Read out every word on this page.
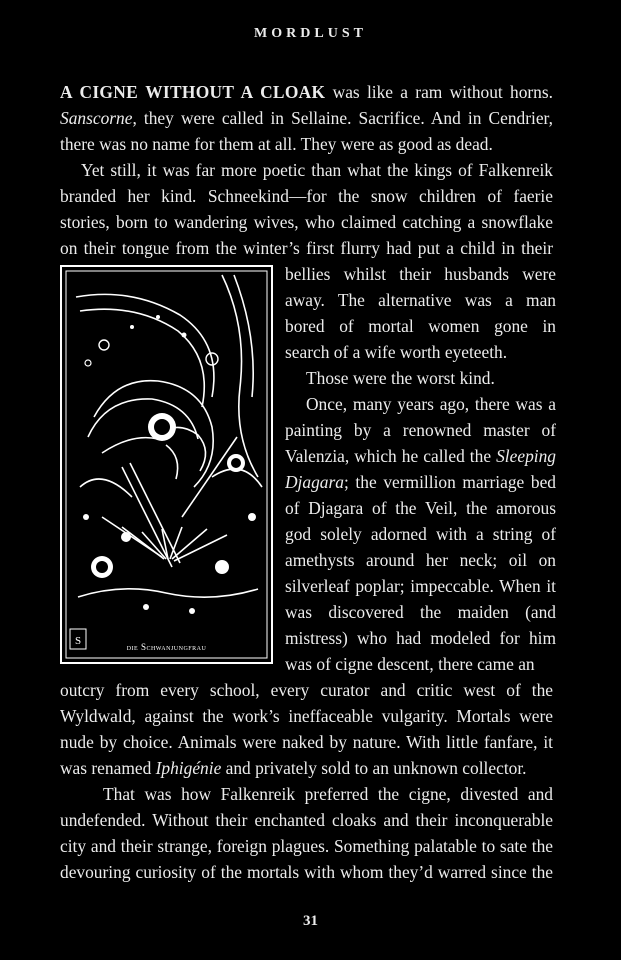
MORDLUST
A CIGNE WITHOUT A CLOAK was like a ram without horns.
Sanscorne, they were called in Sellaine. Sacrifice. And in Cendrier,
there was no name for them at all. They were as good as dead.
Yet still, it was far more poetic than what the kings of Falkenreik
branded her kind. Schneekind—for the snow children of faerie
stories, born to wandering wives, who claimed catching a snowflake
on their tongue from the winter’s first flurry had put a child in their
bellies whilst their husbands were
away. The alternative was a man
bored of mortal women gone in
search of a wife worth eyeteeth.
Those were the worst kind.
Once, many years ago, there was a
painting by a renowned master of
Valenzia, which he called the Sleeping
Djagara; the vermillion marriage bed
of Djagara of the Veil, the amorous
god solely adorned with a string of
amethysts around her neck; oil on
silverleaf poplar; impeccable. When it
was discovered the maiden (and
mistress) who had modeled for him
was of cigne descent, there came an
outcry from every school, every curator and critic west of the
Wyldwald, against the work’s ineffaceable vulgarity. Mortals were
nude by choice. Animals were naked by nature. With little fanfare, it
was renamed Iphigénie and privately sold to an unknown collector.
That was how Falkenreik preferred the cigne, divested and
undefended. Without their enchanted cloaks and their inconquerable
city and their strange, foreign plagues. Something palatable to sate the
devouring curiosity of the mortals with whom they’d warred since the
S	die Schwanjungfrau
31
